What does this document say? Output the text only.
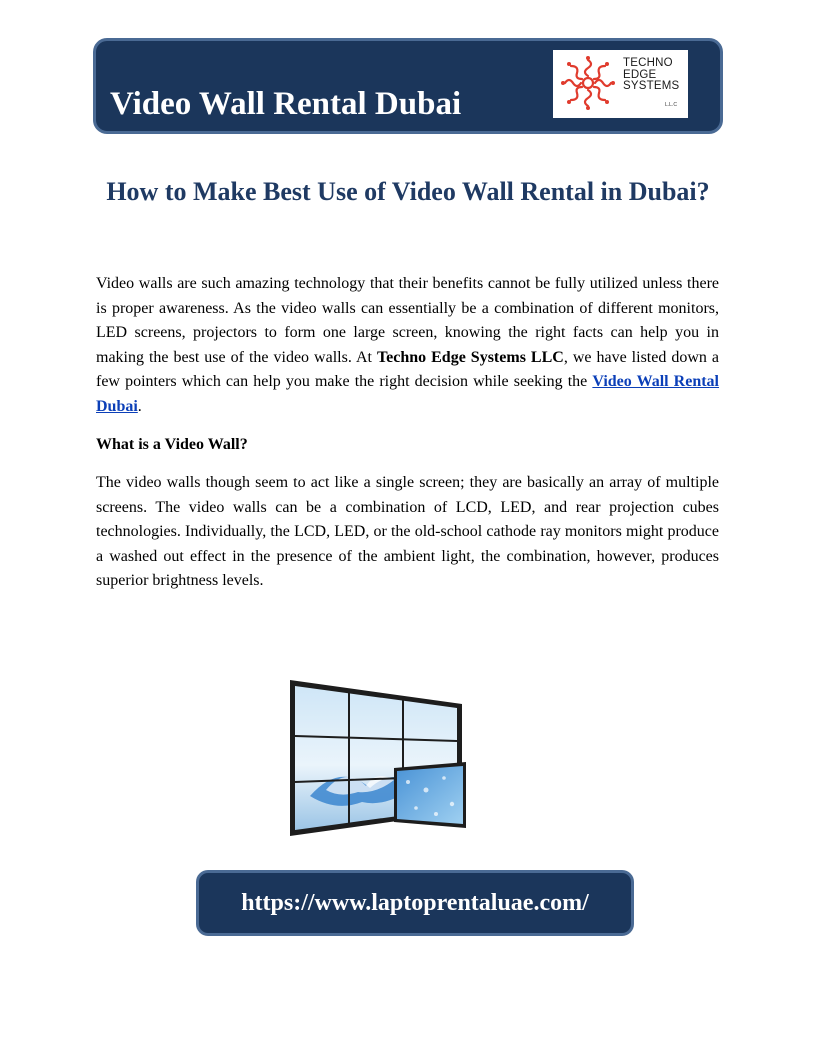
Video Wall Rental Dubai
TECHNO
EDGE
SYSTEMS
L.L.C
How to Make Best Use of Video Wall Rental in Dubai?

Video walls are such amazing technology that their benefits cannot be fully utilized unless there is proper awareness. As the video walls can essentially be a combination of different monitors, LED screens, projectors to form one large screen, knowing the right facts can help you in making the best use of the video walls. At Techno Edge Systems LLC, we have listed down a few pointers which can help you make the right decision while seeking the Video Wall Rental Dubai.

What is a Video Wall?

The video walls though seem to act like a single screen; they are basically an array of multiple screens. The video walls can be a combination of LCD, LED, and rear projection cubes technologies. Individually, the LCD, LED, or the old-school cathode ray monitors might produce a washed out effect in the presence of the ambient light, the combination, however, produces superior brightness levels.

https://www.laptoprentaluae.com/
